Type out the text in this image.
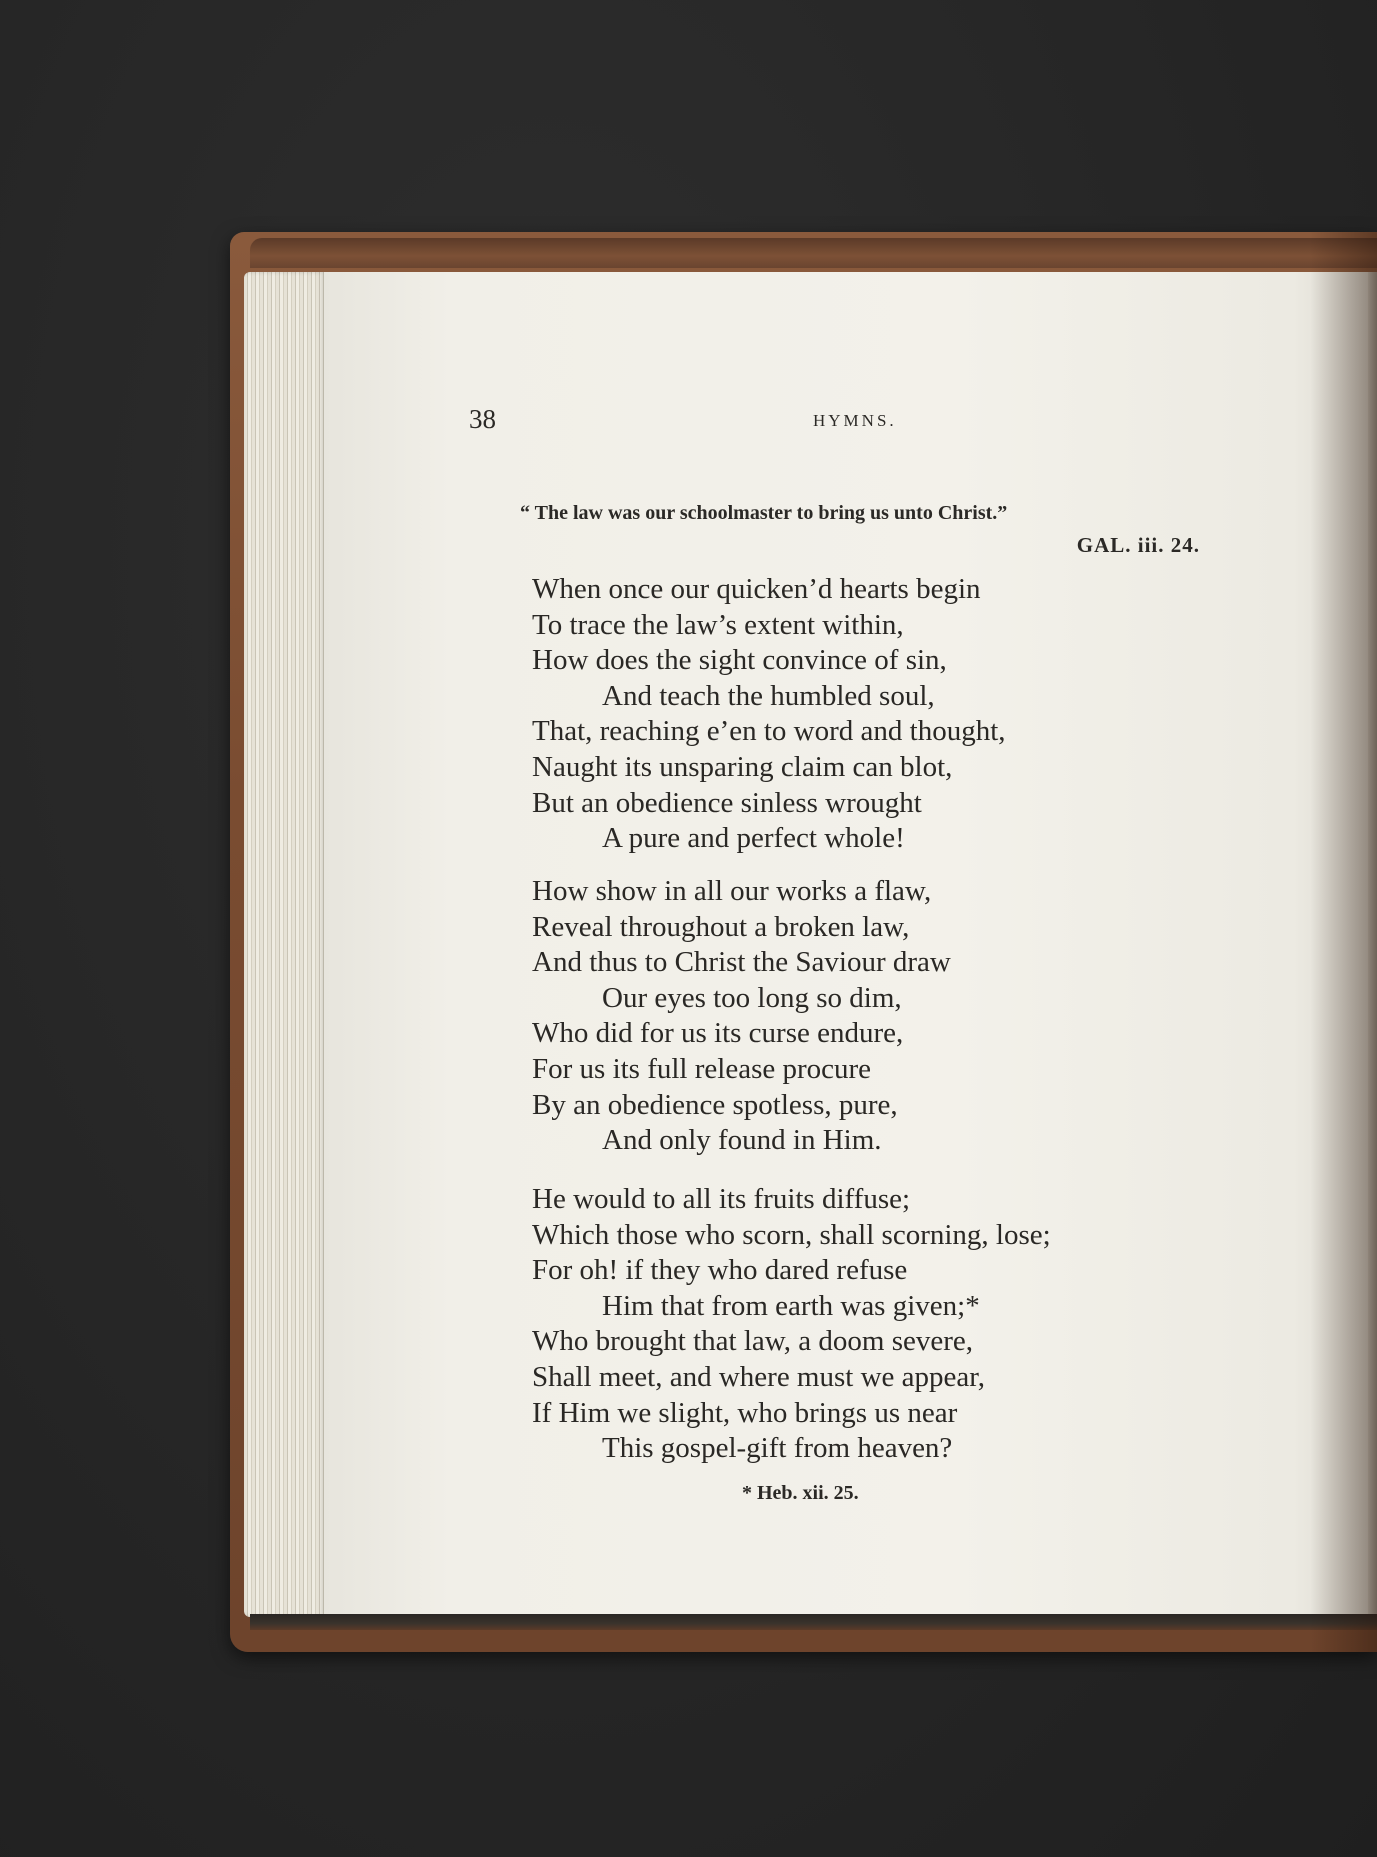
38	HYMNS.
“ The law was our schoolmaster to bring us unto Christ.”
GAL. iii. 24.
When once our quicken’d hearts begin
To trace the law’s extent within,
How does the sight convince of sin,
And teach the humbled soul,
That, reaching e’en to word and thought,
Naught its unsparing claim can blot,
But an obedience sinless wrought
A pure and perfect whole!
How show in all our works a flaw,
Reveal throughout a broken law,
And thus to Christ the Saviour draw
Our eyes too long so dim,
Who did for us its curse endure,
For us its full release procure
By an obedience spotless, pure,
And only found in Him.
He would to all its fruits diffuse;
Which those who scorn, shall scorning, lose;
For oh! if they who dared refuse
Him that from earth was given;*
Who brought that law, a doom severe,
Shall meet, and where must we appear,
If Him we slight, who brings us near
This gospel-gift from heaven?
* Heb. xii. 25.
